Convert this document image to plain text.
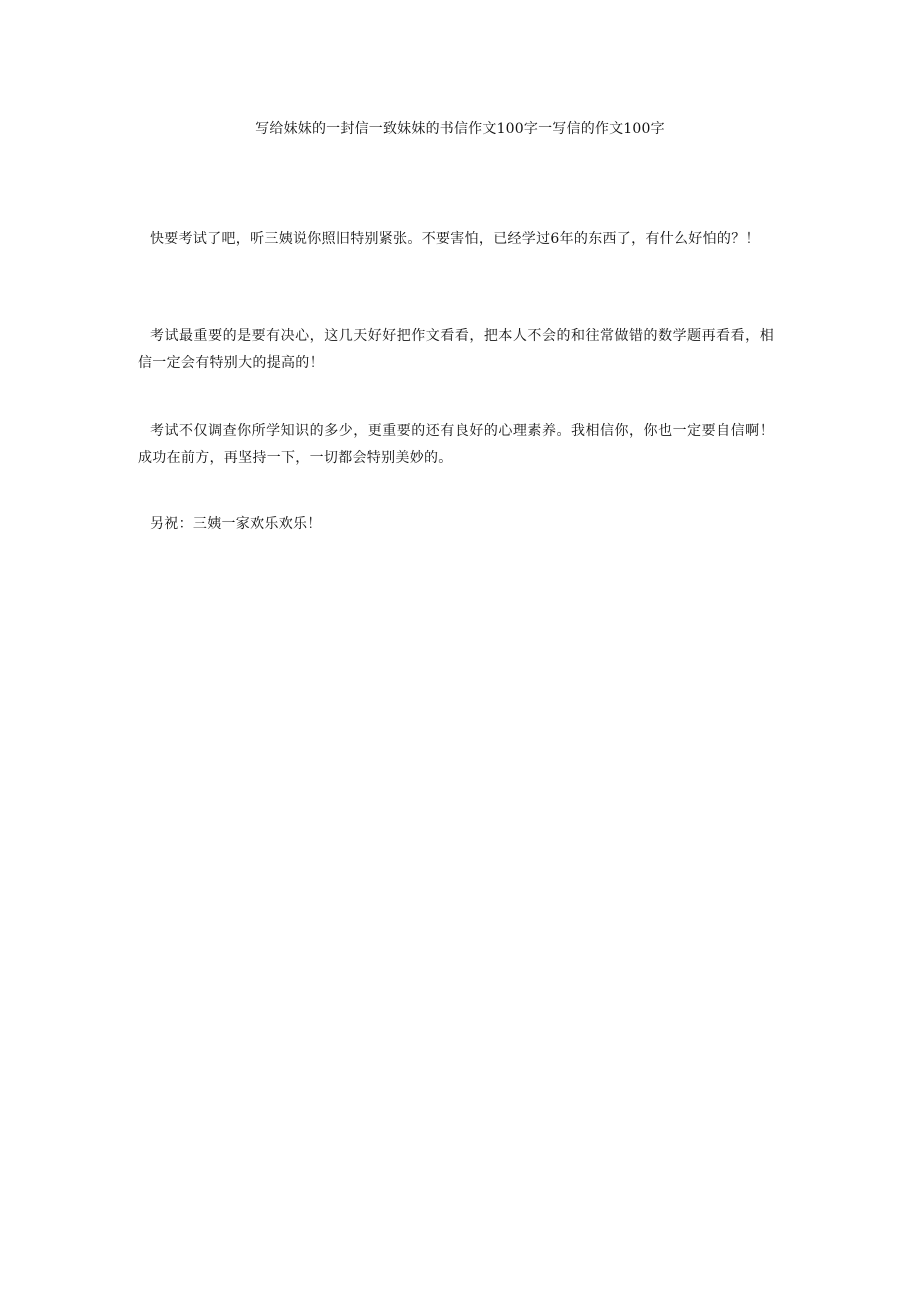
写给妹妹的一封信一致妹妹的书信作文100字一写信的作文100字

快要考试了吧，听三姨说你照旧特别紧张。不要害怕，已经学过6年的东西了，有什么好怕的？！

考试最重要的是要有决心，这几天好好把作文看看，把本人不会的和往常做错的数学题再看看，相信一定会有特别大的提高的！

考试不仅调查你所学知识的多少，更重要的还有良好的心理素养。我相信你，你也一定要自信啊！成功在前方，再坚持一下，一切都会特别美妙的。

另祝：三姨一家欢乐欢乐！
